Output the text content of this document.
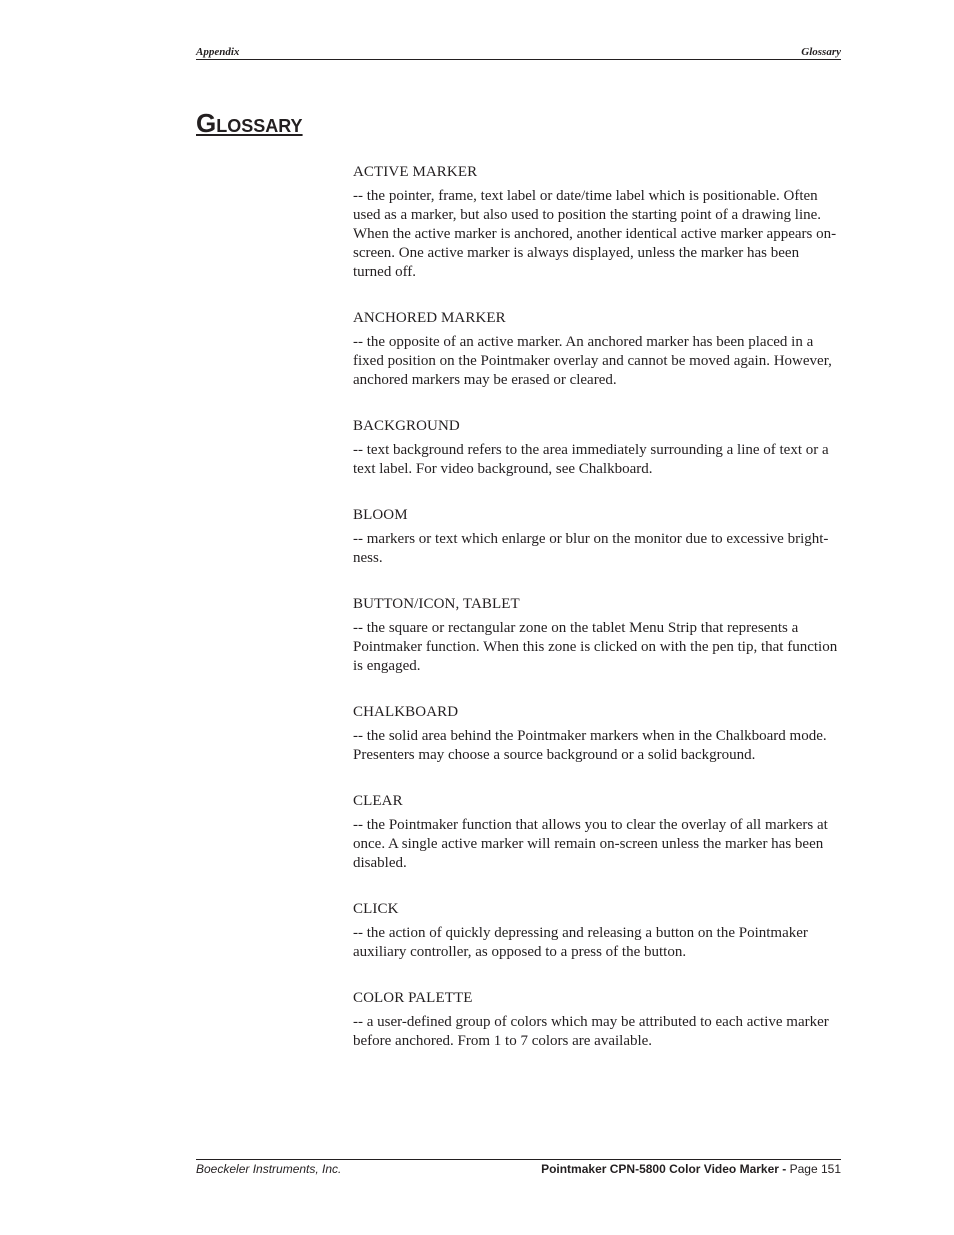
Appendix	Glossary
Glossary

ACTIVE MARKER

-- the pointer, frame, text label or date/time label which is positionable. Often used as a marker, but also used to position the starting point of a drawing line. When the active marker is anchored, another identical active marker appears on-screen. One active marker is always displayed, unless the marker has been turned off.

ANCHORED MARKER

-- the opposite of an active marker. An anchored marker has been placed in a fixed position on the Pointmaker overlay and cannot be moved again. However, anchored markers may be erased or cleared.

BACKGROUND

-- text background refers to the area immediately surrounding a line of text or a text label. For video background, see Chalkboard.

BLOOM

-- markers or text which enlarge or blur on the monitor due to excessive bright-ness.

BUTTON/ICON, TABLET

-- the square or rectangular zone on the tablet Menu Strip that represents a Pointmaker function. When this zone is clicked on with the pen tip, that function is engaged.

CHALKBOARD

-- the solid area behind the Pointmaker markers when in the Chalkboard mode. Presenters may choose a source background or a solid background.

CLEAR

-- the Pointmaker function that allows you to clear the overlay of all markers at once. A single active marker will remain on-screen unless the marker has been disabled.

CLICK

-- the action of quickly depressing and releasing a button on the Pointmaker auxiliary controller, as opposed to a press of the button.

COLOR PALETTE

-- a user-defined group of colors which may be attributed to each active marker before anchored. From 1 to 7 colors are available.

Boeckeler Instruments, Inc.	Pointmaker CPN-5800 Color Video Marker - Page 151
